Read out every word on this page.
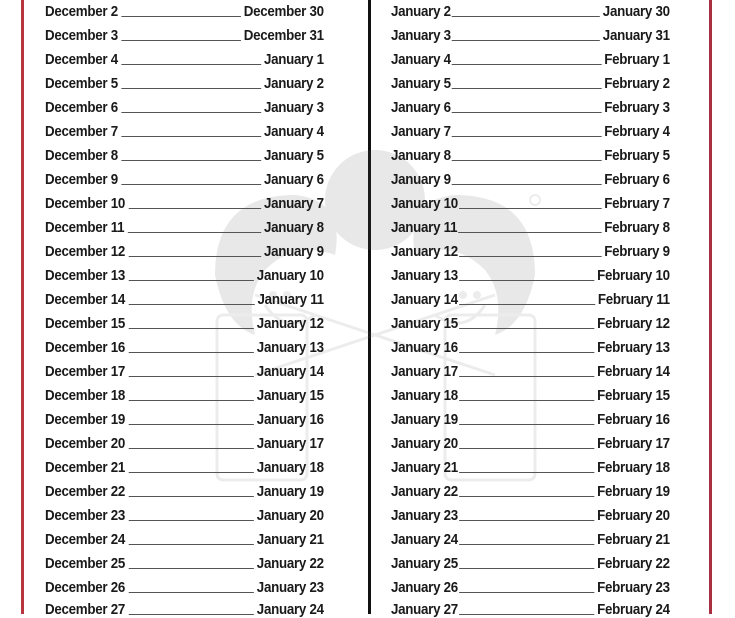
December 2	December 30
December 3	December 31
December 4	January 1
December 5	January 2
December 6	January 3
December 7	January 4
December 8	January 5
December 9	January 6
December 10	January 7
December 11	January 8
December 12	January 9
December 13	January 10
December 14	January 11
December 15	January 12
December 16	January 13
December 17	January 14
December 18	January 15
December 19	January 16
December 20	January 17
December 21	January 18
December 22	January 19
December 23	January 20
December 24	January 21
December 25	January 22
December 26	January 23
December 27	January 24
January 2	January 30
January 3	January 31
January 4	February 1
January 5	February 2
January 6	February 3
January 7	February 4
January 8	February 5
January 9	February 6
January 10	February 7
January 11	February 8
January 12	February 9
January 13	February 10
January 14	February 11
January 15	February 12
January 16	February 13
January 17	February 14
January 18	February 15
January 19	February 16
January 20	February 17
January 21	February 18
January 22	February 19
January 23	February 20
January 24	February 21
January 25	February 22
January 26	February 23
January 27	February 24
